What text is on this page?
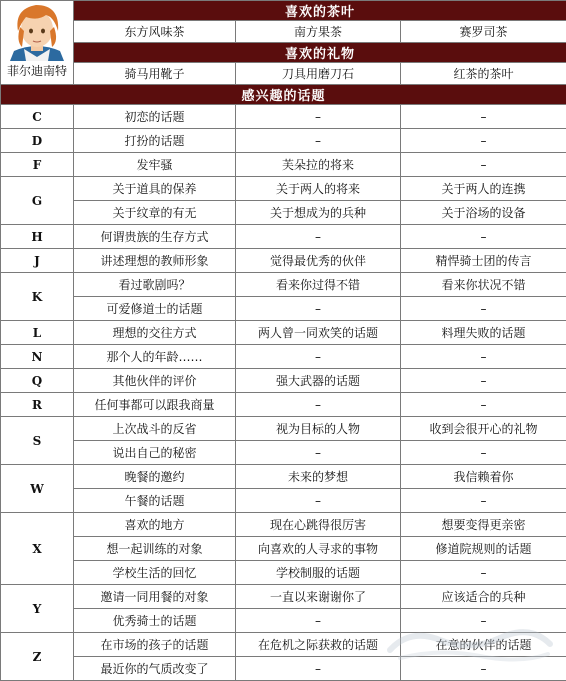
菲尔迪南特	喜欢的茶叶		
	东方风味茶	南方果茶	赛罗司茶
	喜欢的礼物		
	骑马用靴子	刀具用磨刀石	红茶的茶叶
感兴趣的话题			
C	初恋的话题	–	–
D	打扮的话题	–	–
F	发牢骚	芙朵拉的将来	–
G	关于道具的保养	关于两人的将来	关于两人的连携
	关于纹章的有无	关于想成为的兵种	关于浴场的设备
H	何谓贵族的生存方式	–	–
J	讲述理想的教师形象	觉得最优秀的伙伴	精悍骑士团的传言
K	看过歌剧吗？	看来你过得不错	看来你状况不错
	可爱修道士的话题	–	–
L	理想的交往方式	两人曾一同欢笑的话题	料理失败的话题
N	那个人的年龄……	–	–
Q	其他伙伴的评价	强大武器的话题	–
R	任何事都可以跟我商量	–	–
S	上次战斗的反省	视为目标的人物	收到会很开心的礼物
	说出自己的秘密	–	–
W	晚餐的邀约	未来的梦想	我信赖着你
	午餐的话题	–	–
X	喜欢的地方	现在心跳得很厉害	想要变得更亲密
	想一起训练的对象	向喜欢的人寻求的事物	修道院规则的话题
	学校生活的回忆	学校制服的话题	–
Y	邀请一同用餐的对象	一直以来谢谢你了	应该适合的兵种
	优秀骑士的话题	–	–
Z	在市场的孩子的话题	在危机之际获救的话题	在意的伙伴的话题
	最近你的气质改变了	–	–
